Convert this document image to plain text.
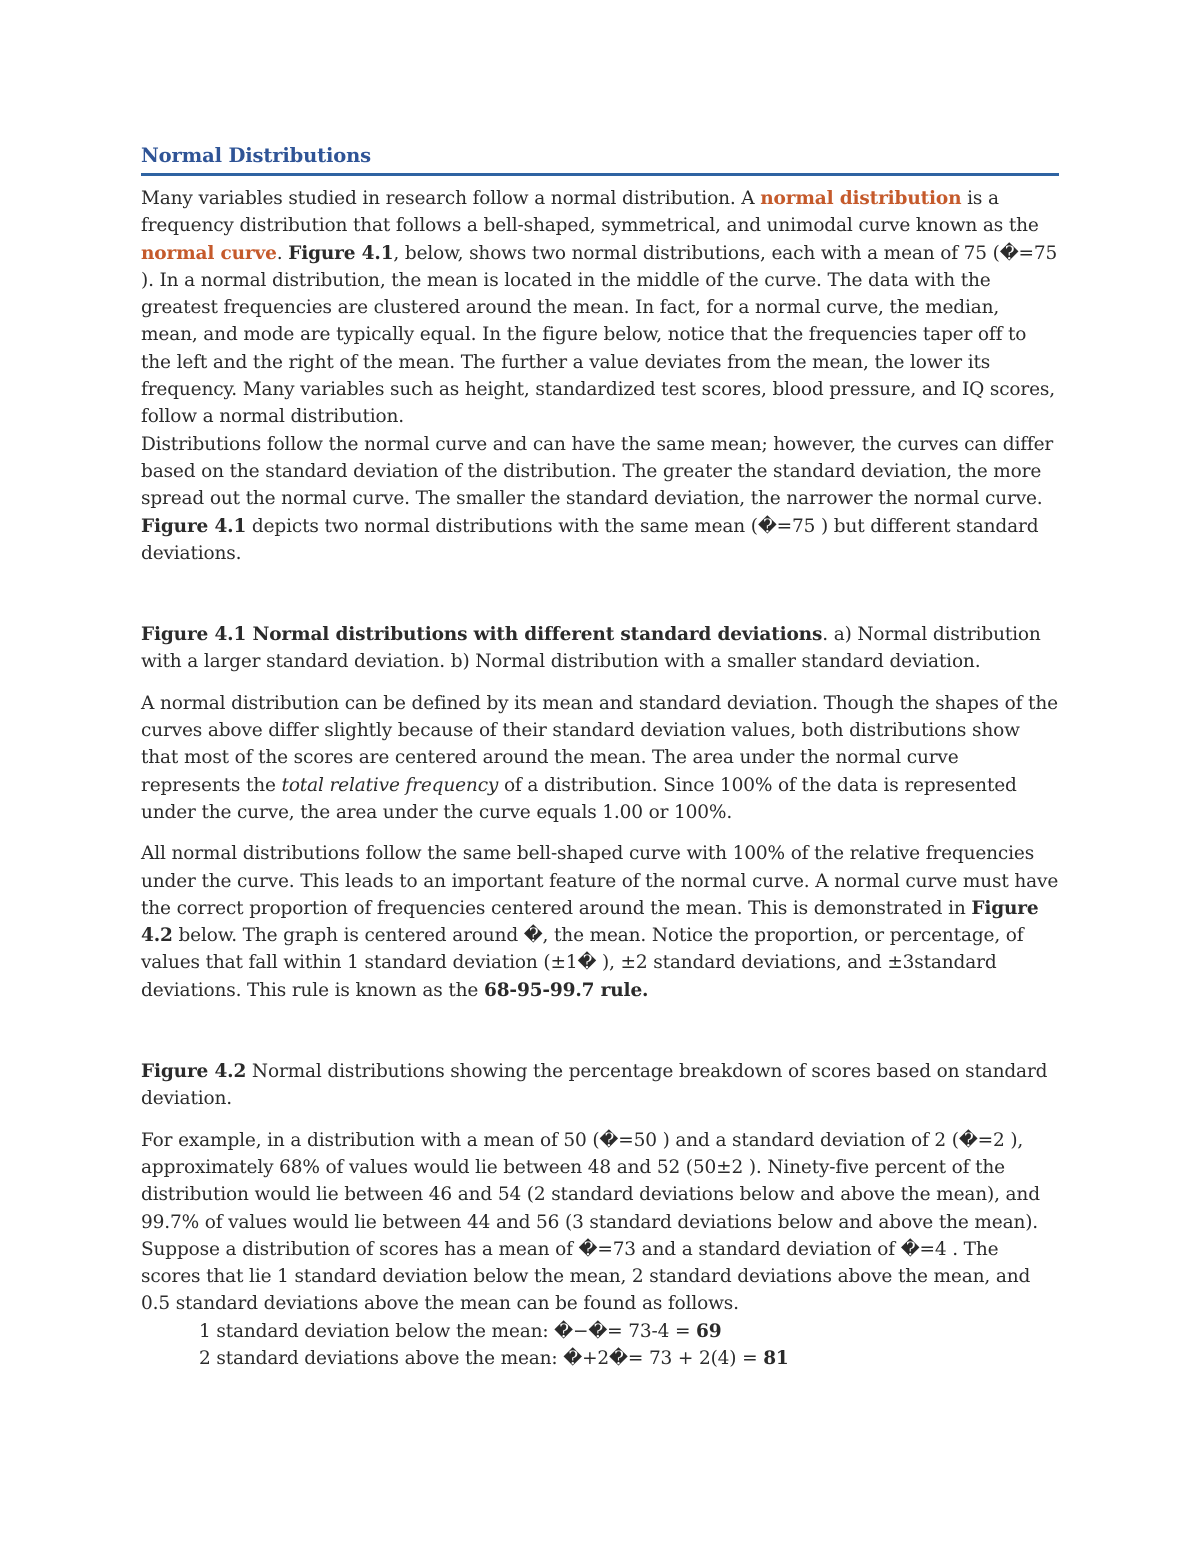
Normal Distributions

Many variables studied in research follow a normal distribution. A normal distribution is a frequency distribution that follows a bell-shaped, symmetrical, and unimodal curve known as the normal curve. Figure 4.1, below, shows two normal distributions, each with a mean of 75 (�=75 ). In a normal distribution, the mean is located in the middle of the curve. The data with the greatest frequencies are clustered around the mean. In fact, for a normal curve, the median, mean, and mode are typically equal. In the figure below, notice that the frequencies taper off to the left and the right of the mean. The further a value deviates from the mean, the lower its frequency. Many variables such as height, standardized test scores, blood pressure, and IQ scores, follow a normal distribution.

Distributions follow the normal curve and can have the same mean; however, the curves can differ based on the standard deviation of the distribution. The greater the standard deviation, the more spread out the normal curve. The smaller the standard deviation, the narrower the normal curve. Figure 4.1 depicts two normal distributions with the same mean (�=75 ) but different standard deviations.

Figure 4.1 Normal distributions with different standard deviations. a) Normal distribution with a larger standard deviation. b) Normal distribution with a smaller standard deviation.

A normal distribution can be defined by its mean and standard deviation. Though the shapes of the curves above differ slightly because of their standard deviation values, both distributions show that most of the scores are centered around the mean. The area under the normal curve represents the total relative frequency of a distribution. Since 100% of the data is represented under the curve, the area under the curve equals 1.00 or 100%.

All normal distributions follow the same bell-shaped curve with 100% of the relative frequencies under the curve. This leads to an important feature of the normal curve. A normal curve must have the correct proportion of frequencies centered around the mean. This is demonstrated in Figure 4.2 below. The graph is centered around �, the mean. Notice the proportion, or percentage, of values that fall within 1 standard deviation (±1� ), ±2 standard deviations, and ±3standard deviations. This rule is known as the 68-95-99.7 rule.

Figure 4.2 Normal distributions showing the percentage breakdown of scores based on standard deviation.

For example, in a distribution with a mean of 50 (�=50 ) and a standard deviation of 2 (�=2 ), approximately 68% of values would lie between 48 and 52 (50±2 ). Ninety-five percent of the distribution would lie between 46 and 54 (2 standard deviations below and above the mean), and 99.7% of values would lie between 44 and 56 (3 standard deviations below and above the mean). Suppose a distribution of scores has a mean of �=73 and a standard deviation of �=4 . The scores that lie 1 standard deviation below the mean, 2 standard deviations above the mean, and 0.5 standard deviations above the mean can be found as follows.

1 standard deviation below the mean: �−�= 73-4 = 69

2 standard deviations above the mean: �+2�= 73 + 2(4) = 81
